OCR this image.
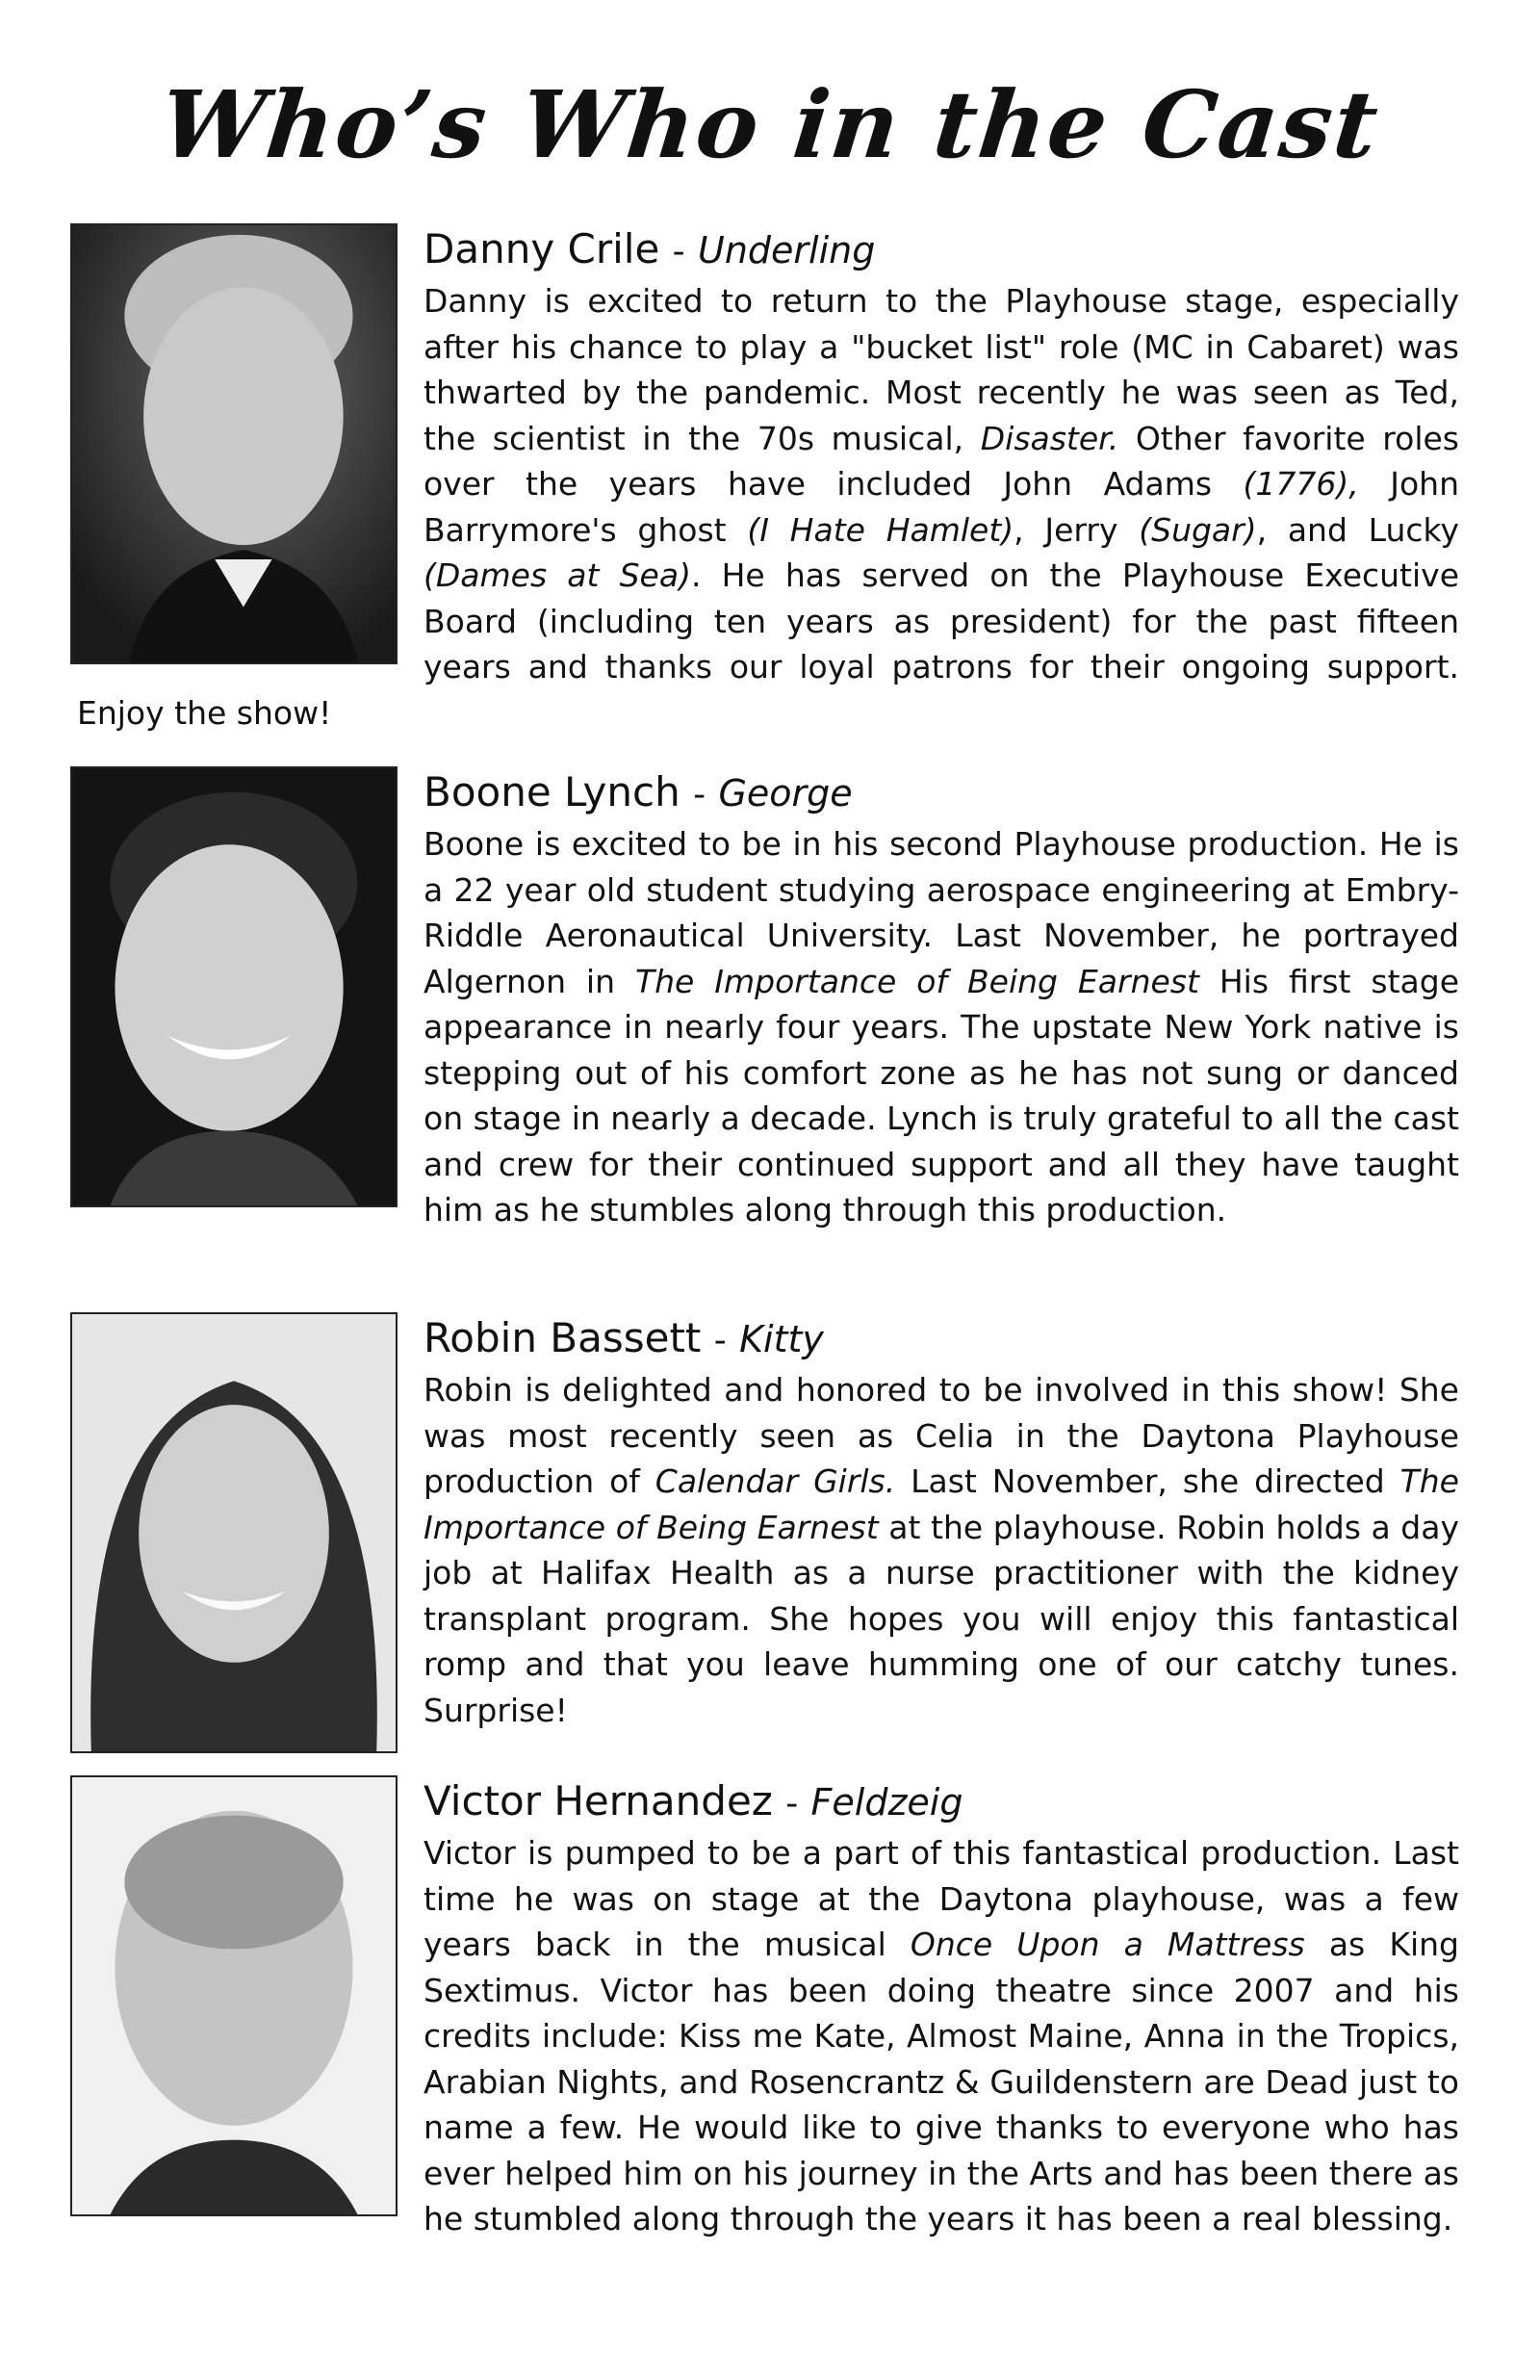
Who’s Who in the Cast
Danny Crile - Underling
Danny is excited to return to the Playhouse stage, especially after his chance to play a "bucket list" role (MC in Cabaret) was thwarted by the pandemic. Most recently he was seen as Ted, the scientist in the 70s musical, Disaster. Other favorite roles over the years have included John Adams (1776), John Barrymore's ghost (I Hate Hamlet), Jerry (Sugar), and Lucky (Dames at Sea). He has served on the Playhouse Executive Board (including ten years as president) for the past fifteen years and thanks our loyal patrons for their ongoing support. Enjoy the show!
Boone Lynch - George
Boone is excited to be in his second Playhouse production. He is a 22 year old student studying aerospace engineering at Embry-Riddle Aeronautical University. Last November, he portrayed Algernon in The Importance of Being Earnest His first stage appearance in nearly four years. The upstate New York native is stepping out of his comfort zone as he has not sung or danced on stage in nearly a decade. Lynch is truly grateful to all the cast and crew for their continued support and all they have taught him as he stumbles along through this production.
Robin Bassett - Kitty
Robin is delighted and honored to be involved in this show! She was most recently seen as Celia in the Daytona Playhouse production of Calendar Girls. Last November, she directed The Importance of Being Earnest at the playhouse. Robin holds a day job at Halifax Health as a nurse practitioner with the kidney transplant program. She hopes you will enjoy this fantastical romp and that you leave humming one of our catchy tunes. Surprise!
Victor Hernandez - Feldzeig
Victor is pumped to be a part of this fantastical production. Last time he was on stage at the Daytona playhouse, was a few years back in the musical Once Upon a Mattress as King Sextimus. Victor has been doing theatre since 2007 and his credits include: Kiss me Kate, Almost Maine, Anna in the Tropics, Arabian Nights, and Rosencrantz & Guildenstern are Dead just to name a few. He would like to give thanks to everyone who has ever helped him on his journey in the Arts and has been there as he stumbled along through the years it has been a real blessing.
